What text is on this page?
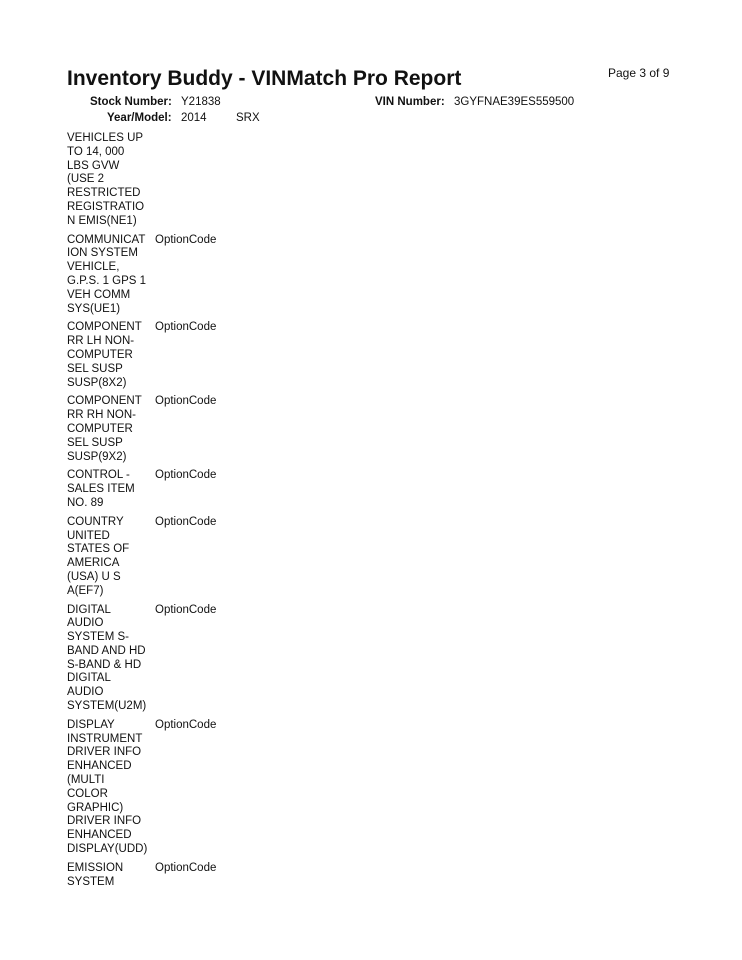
Page 3 of 9
Inventory Buddy - VINMatch Pro Report
Stock Number: Y21838	VIN Number: 3GYFNAE39ES559500
Year/Model: 2014	SRX
VEHICLES UP
TO 14, 000
LBS GVW
(USE 2
RESTRICTED
REGISTRATIO
N EMIS(NE1)
COMMUNICAT
ION SYSTEM
VEHICLE,
G.P.S. 1 GPS 1
VEH COMM
SYS(UE1)
OptionCode
COMPONENT
RR LH NON-
COMPUTER
SEL SUSP
SUSP(8X2)
OptionCode
COMPONENT
RR RH NON-
COMPUTER
SEL SUSP
SUSP(9X2)
OptionCode
CONTROL -
SALES ITEM
NO. 89
OptionCode
COUNTRY
UNITED
STATES OF
AMERICA
(USA) U S
A(EF7)
OptionCode
DIGITAL
AUDIO
SYSTEM S-
BAND AND HD
S-BAND & HD
DIGITAL
AUDIO
SYSTEM(U2M)
OptionCode
DISPLAY
INSTRUMENT
DRIVER INFO
ENHANCED
(MULTI
COLOR
GRAPHIC)
DRIVER INFO
ENHANCED
DISPLAY(UDD)
OptionCode
EMISSION
SYSTEM
OptionCode
